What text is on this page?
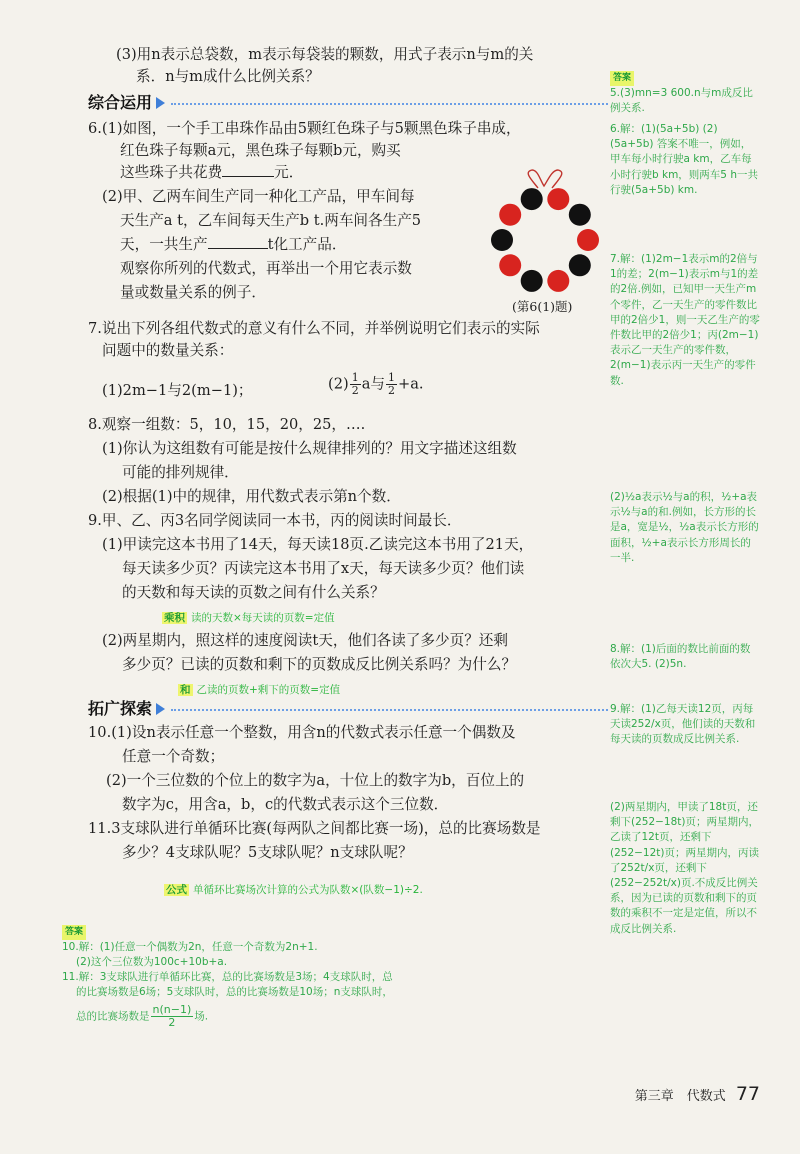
(3)用n表示总袋数，m表示每袋装的颗数，用式子表示n与m的关
系．n与m成什么比例关系？
综合运用
6.(1)如图，一个手工串珠作品由5颗红色珠子与5颗黑色珠子串成，
红色珠子每颗a元，黑色珠子每颗b元，购买
这些珠子共花费	元．
(2)甲、乙两车间生产同一种化工产品，甲车间每
天生产a t，乙车间每天生产b t.两车间各生产5
天，一共生产	t化工产品．
观察你所列的代数式，再举出一个用它表示数
量或数量关系的例子．
(第6(1)题)
7.说出下列各组代数式的意义有什么不同，并举例说明它们表示的实际
问题中的数量关系：
(1)2m−1与2(m−1)；	$(2) \frac{1}{2}$ a与 $\frac{1}{2} +a$.
8.观察一组数：5，10，15，20，25，….
(1)你认为这组数有可能是按什么规律排列的？用文字描述这组数
可能的排列规律．
(2)根据(1)中的规律，用代数式表示第n个数．
9.甲、乙、丙3名同学阅读同一本书，丙的阅读时间最长．
(1)甲读完这本书用了14天，每天读18页.乙读完这本书用了21天，
每天读多少页？丙读完这本书用了x天，每天读多少页？他们读
的天数和每天读的页数之间有什么关系？
乘积 读的天数×每天读的页数=定值
(2)两星期内，照这样的速度阅读t天，他们各读了多少页？还剩
多少页？已读的页数和剩下的页数成反比例关系吗？为什么？
和 乙读的页数+剩下的页数=定值
拓广探索
10.(1)设n表示任意一个整数，用含n的代数式表示任意一个偶数及
任意一个奇数；
(2)一个三位数的个位上的数字为a，十位上的数字为b，百位上的
数字为c，用含a，b，c的代数式表示这个三位数．
11.3支球队进行单循环比赛(每两队之间都比赛一场)，总的比赛场数是
多少？4支球队呢？5支球队呢？n支球队呢？
公式 单循环比赛场次计算的公式为队数×(队数−1)÷2.
答案
10.解：(1)任意一个偶数为2n，任意一个奇数为2n+1.
(2)这个三位数为100c+10b+a.
11.解：3支球队进行单循环比赛，总的比赛场数是3场；4支球队时，总
的比赛场数是6场；5支球队时，总的比赛场数是10场；n支球队时，
总的比赛场数是 $\frac{n(n-1)}{2}$ 场.
答案
5.(3)mn=3 600.n与m成反比例关系.
6.解：(1)(5a+5b) (2)(5a+5b) 答案不唯一，例如，甲车每小时行驶a km，乙车每小时行驶b km，则两车5 h一共行驶(5a+5b) km.
7.解：(1)2m−1表示m的2倍与1的差；2(m−1)表示m与1的差的2倍.例如，已知甲一天生产m个零件，乙一天生产的零件数比甲的2倍少1，则一天乙生产的零件数比甲的2倍少1；丙(2m−1)表示乙一天生产的零件数，2(m−1)表示丙一天生产的零件数.
(2)½a表示½与a的积，½+a表示½与a的和.例如，长方形的长是a，宽是½，½a表示长方形的面积，½+a表示长方形周长的一半.
8.解：(1)后面的数比前面的数依次大5. (2)5n.
9.解：(1)乙每天读12页，丙每天读252/x页，他们读的天数和每天读的页数成反比例关系.
(2)两星期内，甲读了18t页，还剩下(252−18t)页；两星期内，乙读了12t页，还剩下(252−12t)页；两星期内，丙读了252t/x页，还剩下(252−252t/x)页.不成反比例关系，因为已读的页数和剩下的页数的乘积不一定是定值，所以不成反比例关系.
第三章　代数式 77
